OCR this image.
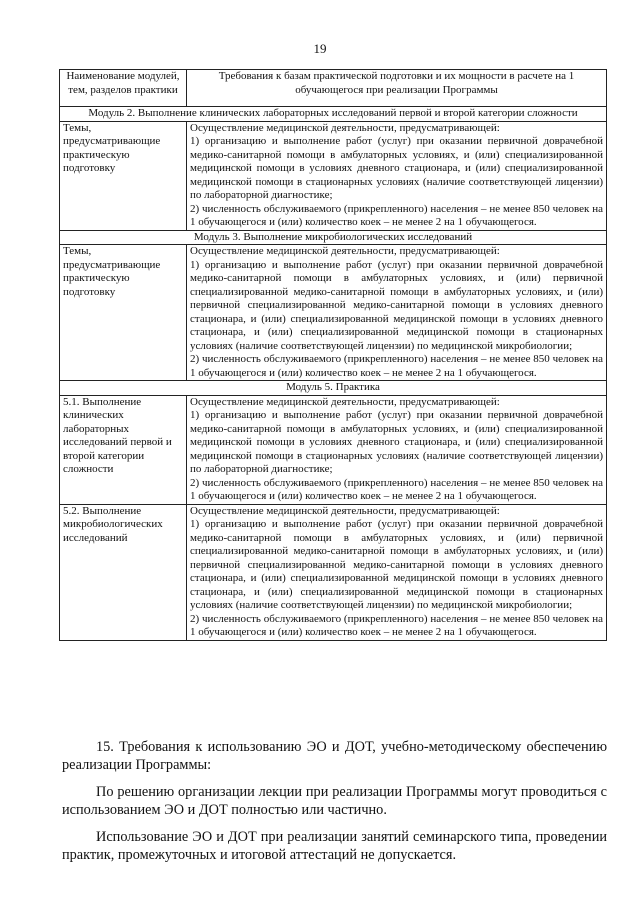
19
Наименование модулей, тем, разделов практики	Требования к базам практической подготовки и их мощности в расчете на 1 обучающегося при реализации Программы
Модуль 2. Выполнение клинических лабораторных исследований первой и второй категории сложности	
Темы, предусматривающие практическую подготовку	Осуществление медицинской деятельности, предусматривающей:

1) организацию и выполнение работ (услуг) при оказании первичной доврачебной медико-санитарной помощи в амбулаторных условиях, и (или) специализированной медицинской помощи в условиях дневного стационара, и (или) специализированной медицинской помощи в стационарных условиях (наличие соответствующей лицензии) по лабораторной диагностике;

2) численность обслуживаемого (прикрепленного) населения – не менее 850 человек на 1 обучающегося и (или) количество коек – не менее 2 на 1 обучающегося.

Модуль 3. Выполнение микробиологических исследований	
Темы, предусматривающие практическую подготовку	Осуществление медицинской деятельности, предусматривающей:

1) организацию и выполнение работ (услуг) при оказании первичной доврачебной медико-санитарной помощи в амбулаторных условиях, и (или) первичной специализированной медико-санитарной помощи в амбулаторных условиях, и (или) первичной специализированной медико-санитарной помощи в условиях дневного стационара, и (или) специализированной медицинской помощи в условиях дневного стационара, и (или) специализированной медицинской помощи в стационарных условиях (наличие соответствующей лицензии) по медицинской микробиологии;

2) численность обслуживаемого (прикрепленного) населения – не менее 850 человек на 1 обучающегося и (или) количество коек – не менее 2 на 1 обучающегося.

Модуль 5. Практика	
5.1. Выполнение клинических лабораторных исследований первой и второй категории сложности	Осуществление медицинской деятельности, предусматривающей:

1) организацию и выполнение работ (услуг) при оказании первичной доврачебной медико-санитарной помощи в амбулаторных условиях, и (или) специализированной медицинской помощи в условиях дневного стационара, и (или) специализированной медицинской помощи в стационарных условиях (наличие соответствующей лицензии) по лабораторной диагностике;

2) численность обслуживаемого (прикрепленного) населения – не менее 850 человек на 1 обучающегося и (или) количество коек – не менее 2 на 1 обучающегося.

5.2. Выполнение микробиологических исследований	Осуществление медицинской деятельности, предусматривающей:

1) организацию и выполнение работ (услуг) при оказании первичной доврачебной медико-санитарной помощи в амбулаторных условиях, и (или) первичной специализированной медико-санитарной помощи в амбулаторных условиях, и (или) первичной специализированной медико-санитарной помощи в условиях дневного стационара, и (или) специализированной медицинской помощи в условиях дневного стационара, и (или) специализированной медицинской помощи в стационарных условиях (наличие соответствующей лицензии) по медицинской микробиологии;

2) численность обслуживаемого (прикрепленного) населения – не менее 850 человек на 1 обучающегося и (или) количество коек – не менее 2 на 1 обучающегося.

15. Требования к использованию ЭО и ДОТ, учебно-методическому обеспечению реализации Программы:

По решению организации лекции при реализации Программы могут проводиться с использованием ЭО и ДОТ полностью или частично.

Использование ЭО и ДОТ при реализации занятий семинарского типа, проведении практик, промежуточных и итоговой аттестаций не допускается.
